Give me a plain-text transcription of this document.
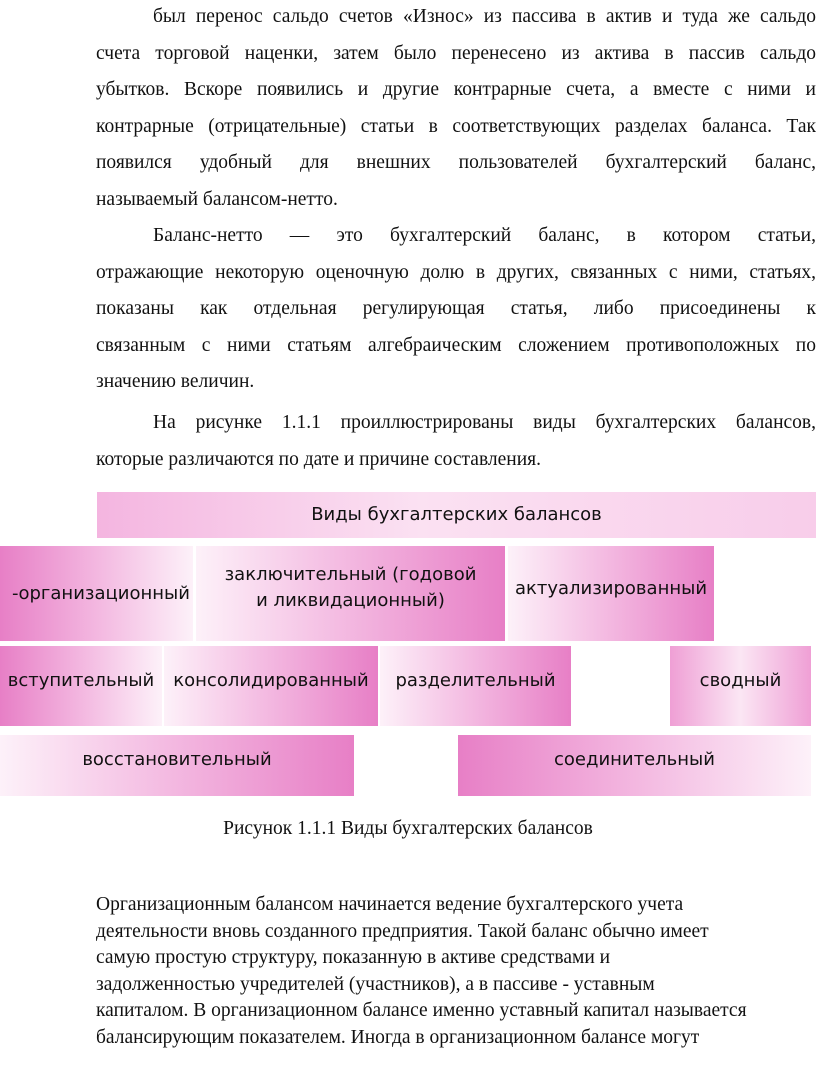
был перенос сальдо счетов «Износ» из пассива в актив и туда же сальдо
счета торговой наценки, затем было перенесено из актива в пассив сальдо
убытков. Вскоре появились и другие контрарные счета, а вместе с ними и
контрарные (отрицательные) статьи в соответствующих разделах баланса. Так
появился удобный для внешних пользователей бухгалтерский баланс,
называемый балансом-нетто.
Баланс-нетто — это бухгалтерский баланс, в котором статьи,
отражающие некоторую оценочную долю в других, связанных с ними, статьях,
показаны как отдельная регулирующая статья, либо присоединены к
связанным с ними статьям алгебраическим сложением противоположных по
значению величин.
На рисунке 1.1.1 проиллюстрированы виды бухгалтерских балансов,
которые различаются по дате и причине составления.
Виды бухгалтерских балансов
-организационный
заключительный (годовой и ликвидационный)
актуализированный
вступительный консолидированный разделительный	сводный
восстановительный	соединительный
Рисунок 1.1.1 Виды бухгалтерских балансов
Организационным балансом начинается ведение бухгалтерского учета
деятельности вновь созданного предприятия. Такой баланс обычно имеет
самую простую структуру, показанную в активе средствами и
задолженностью учредителей (участников), а в пассиве - уставным
капиталом. В организационном балансе именно уставный капитал называется
балансирующим показателем. Иногда в организационном балансе могут
